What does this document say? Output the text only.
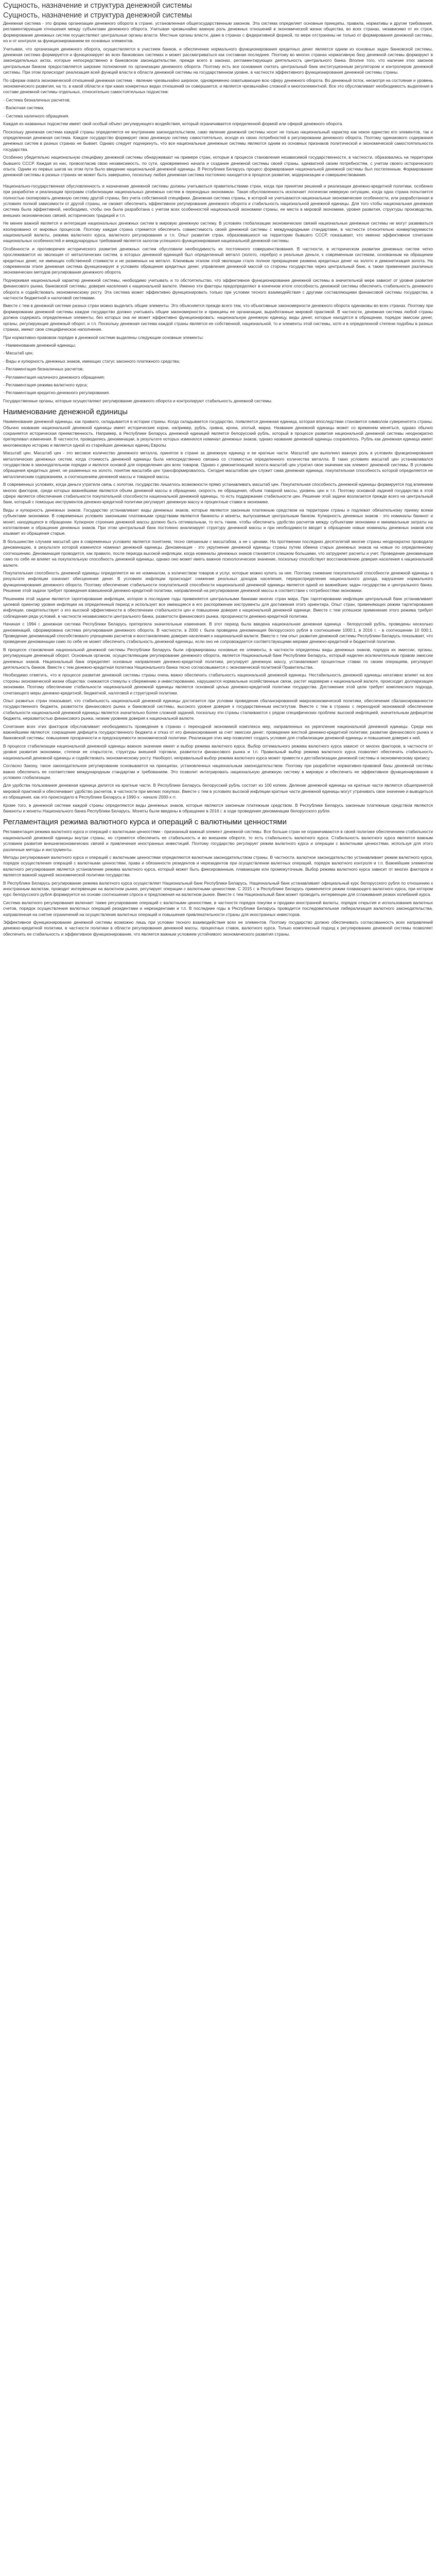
Сущность, назначение и структура денежной системы
Сущность, назначение и структура денежной системы

Денежная система - это форма организации денежного оборота в стране, установленная общегосударственным законом. Эта система определяет основные принципы, правила, нормативы и другие требования, регламентирующие отношения между субъектами денежного оборота. Учитывая чрезвычайно важную роль денежных отношений в экономической жизни общества, во всех странах, независимо от их строя, формирование денежных систем осуществляют центральные органы власти. Местные органы власти, даже в странах с федеративной формой, по мере отстранены не только от формирования денежной системы, но и от контроля за функционированием ее основных элементов.

Учитывая, что организация денежного оборота, осуществляется в участием банков, и обеспечение нормального функционирования кредитных денег является одним из основных задач банковской системы, денежная система формируется и функционирует во всех банковских системах и может рассматриваться как составная последнее. Поэтому во многих странах нормативную базу денежной системы формируют в законодательных актах, которые непосредственно в банковском законодательстве, прежде всего в законах, регламентирующих деятельность центрального банка. Вполне того, что наличие этих законов центральным банком предоставляется широкие полномочия по организации денежного оборота. Поэтому есть все основания считать центральный банк институционным регулятором и контролером денежной системы. При этом происходит реализация всей функций власти в области денежной системы на государственном уровне, в частности эффективного функционирования денежной системы страны.

По сферам охвата экономической отношений денежная система - явление чрезвычайно широкое, одновременно охватывающее всю сферу денежного оборота. Во денежный поток, несмотря на состояние и уровень экономического развития, на то, в какой области и при каких конкретных видах отношений он совершается, и является чрезвычайно сложной и многоэлементной. Все это обусловливает необходимость выделения в составе денежной системы отдельных, относительно самостоятельных подсистем:

- Система безналичных расчетов;

- Валютная система;

- Система наличного обращения.

Каждая из названных подсистем имеет свой особый объект регулирующего воздействия, который ограничивается определенной формой или сферой денежного оборота.

Поскольку денежная система каждой страны определяется ее внутренним законодательством, само явление денежной системы носит не только национальный характер как некое единство его элементов, так и определенная денежная система. Каждое государство формирует свою денежную систему самостоятельно, исходя из своих потребностей в регулировании денежного оборота. Поэтому одинакового содержания денежных систем в разных странах не бывает. Однако следует подчеркнуть, что все национальные денежные системы являются одним из основных признаков политической и экономической самостоятельности государства.

Особенно убедительно национальную специфику денежной системы обнаруживают на примере стран, которые в процессе становления независимой государственности, в частности, образовались на территории бывшего СССР. Каждая из них, провозгласив свою независимость, по сути, одновременно начала и создание денежной системы своей страны, адекватной своим потребностям, с учетом своего исторического опыта. Одним из первых шагов на этом пути было введение национальной денежной единицы. В Республике Беларусь процесс формирования национальной денежной системы был постепенным. Формирование денежной системы в разных странах не может быть завершено, поскольку любая денежная система постоянно находится в процессе развития, модернизации и совершенствования.

Национально-государственная обусловленность и назначение денежной системы должны учитываться правительствами стран, когда при принятии решений и реализации денежно-кредитной политики, особенно при разработке и реализации программ стабилизации национальных денежных систем в переходных экономиках. Такая обусловленность исключает логически неверную ситуацию, когда одна страна попытается полностью скопировать денежную систему другой страны, без учета собственной специфики. Денежная система страны, в которой не учитываются национальные экономические особенности, или разработанная в условиях полной зависимости от другой страны, не сможет обеспечить эффективное регулирование денежного оборота и стабильность национальной денежной единицы. Для того чтобы национальная денежная система была эффективной, необходимо, чтобы она была разработана с учетом всех особенностей национальной экономики страны, ее места в мировой экономике, уровня развития, структуры производства, внешних экономических связей, исторических традиций и т.п.

Не менее важной является и интеграция национальных денежных систем в мировую денежную систему. В условиях глобализации экономических связей национальные денежные системы не могут развиваться изолированно от мировых процессов. Поэтому каждая страна стремится обеспечить совместимость своей денежной системы с международными стандартами, в частности относительно конвертируемости национальной валюты, режима валютного курса, валютного регулирования и т.п. Опыт развития стран, образовавшихся на территории бывшего СССР, показывает, что именно эффективное сочетание национальных особенностей и международных требований является залогом успешного функционирования национальной денежной системы.

Особенности и противоречия исторического развития денежных систем обусловили необходимость их постоянного совершенствования. В частности, в историческом развитии денежных систем четко прослеживается их эволюция от металлических систем, в которых денежной единицей был определенный металл (золото, серебро) и реальные деньги, к современным системам, основанным на обращении кредитных денег, не имеющих собственной стоимости и не разменных на металл. Ключевым этапом этой эволюции стало полное прекращение размена кредитных денег на золото и демонетизация золота. На современном этапе денежная система функционирует в условиях обращения кредитных денег, управления денежной массой со стороны государства через центральный банк, а также применения различных экономических методов регулирования денежного оборота.

Подчеркивая национальный характер денежной системы, необходимо учитывать и то обстоятельство, что эффективное функционирование денежной системы в значительной мере зависит от уровня развития финансового рынка, банковской системы, доверия населения к национальной валюте. Именно эти факторы предопределяют в конечном итоге способность денежной системы обеспечить стабильность денежного оборота и содействовать экономическому росту. Эта система может эффективно функционировать только при условии тесного взаимодействия с другими составляющими финансовой системы государства, в частности бюджетной и налоговой системами.

Вместе с тем в денежной системе разных стран можно выделить общие элементы. Это объясняется прежде всего тем, что объективные закономерности денежного оборота одинаковы во всех странах. Поэтому при формировании денежной системы каждое государство должно учитывать общие закономерности и принципы ее организации, выработанные мировой практикой. В частности, денежная система любой страны должна содержать определенные элементы, без которых она не может эффективно функционировать: национальную денежную единицу, виды денег, которые находятся в обращении, порядок эмиссии денег, органы, регулирующие денежный оборот, и т.п. Поскольку денежная система каждой страны является ее собственной, национальной, то и элементы этой системы, хотя и в определенной степени подобны в разных странах, имеют свое специфическое наполнение.

При нормативно-правовом порядке в денежной системе выделены следующие основные элементы:

- Наименование денежной единицы;

- Масштаб цен;

- Виды и купюрность денежных знаков, имеющих статус законного платежного средства;

- Регламентация безналичных расчетов;

- Регламентация наличного денежного обращения;

- Регламентация режима валютного курса;

- Регламентация кредитно-денежного регулирования.

Государственные органы, которые осуществляют регулирование денежного оборота и контролируют стабильность денежной системы.

Наименование денежной единицы

Наименование денежной единицы, как правило, складывается в истории страны. Когда складывается государство, появляется денежная единица, которая впоследствии становится символом суверенитета страны. Обычно название национальной денежной единицы имеет исторические корни, например, рубль, гривна, крона, злотый, марка. Название денежной единицы может со временем меняться, однако обычно сохраняется историческая преемственность. Например, в Республике Беларусь денежной единицей является белорусский рубль, который в процессе развития национальной денежной системы неоднократно претерпевал изменения. В частности, проводились деноминации, в результате которых изменялся номинал денежных знаков, однако название денежной единицы сохранялось. Рубль как денежная единица имеет многовековую историю и является одной из старейших денежных единиц Европы.

Масштаб цен. Масштаб цен - это весовое количество денежного металла, принятое в стране за денежную единицу и ее кратные части. Масштаб цен выполнял важную роль в условиях функционирования металлических денежных систем, когда стоимость денежной единицы была непосредственно связана со стоимостью определенного количества металла. В таких условиях масштаб цен устанавливался государством в законодательном порядке и являлся основой для определения цен всех товаров. Однако с демонетизацией золота масштаб цен утратил свое значение как элемент денежной системы. В условиях обращения кредитных денег, не разменных на золото, понятие масштаба цен трансформировалось. Сегодня масштабом цен служит сама денежная единица, покупательная способность которой определяется не металлическим содержанием, а соотношением денежной массы и товарной массы.

В современных условиях, когда деньги утратили связь с золотом, государство лишилось возможности прямо устанавливать масштаб цен. Покупательная способность денежной единицы формируется под влиянием многих факторов, среди которых важнейшими являются объем денежной массы в обращении, скорость ее обращения, объем товарной массы, уровень цен и т.п. Поэтому основной задачей государства в этой сфере является обеспечение стабильности покупательной способности национальной денежной единицы, то есть поддержание стабильности цен. Решение этой задачи возлагается прежде всего на центральный банк, который с помощью инструментов денежно-кредитной политики регулирует денежную массу и процентные ставки в экономике.

Виды и купюрность денежных знаков. Государство устанавливает виды денежных знаков, которые являются законным платежным средством на территории страны и подлежат обязательному приему всеми субъектами экономики. В современных условиях законными платежными средствами являются банкноты и монеты, выпускаемые центральным банком. Купюрность денежных знаков - это номиналы банкнот и монет, находящихся в обращении. Купюрное строение денежной массы должно быть оптимальным, то есть таким, чтобы обеспечить удобство расчетов между субъектами экономики и минимальные затраты на изготовление и обращение денежных знаков. При этом центральный банк постоянно анализирует структуру денежной массы и при необходимости вводит в обращение новые номиналы денежных знаков или изымает из обращения старые.

В большинстве случаев масштаб цен в современных условиях является понятием, тесно связанным с масштабом, а не с ценами. На протяжении последних десятилетий многие страны неоднократно проводили деноминацию, в результате которой изменялся номинал денежной единицы. Деноминация - это укрупнение денежной единицы страны путем обмена старых денежных знаков на новые по определенному соотношению. Деноминация проводится, как правило, после периода высокой инфляции, когда номиналы денежных знаков становятся слишком большими, что затрудняет расчеты и учет. Проведение деноминации само по себе не влияет на покупательную способность денежной единицы, однако оно может иметь важное психологическое значение, поскольку способствует восстановлению доверия населения к национальной валюте.

Покупательная способность денежной единицы определяется не ее номиналом, а количеством товаров и услуг, которые можно купить за нее. Поэтому снижение покупательной способности денежной единицы в результате инфляции означает обесценение денег. В условиях инфляции происходит снижение реальных доходов населения, перераспределение национального дохода, нарушение нормального функционирования денежного оборота. Поэтому обеспечение стабильности покупательной способности национальной денежной единицы является одной из важнейших задач государства и центрального банка. Решение этой задачи требует проведения взвешенной денежно-кредитной политики, направленной на регулирование денежной массы в соответствии с потребностями экономики.

Решением этой задачи является таргетирование инфляции, которое в последние годы применяется центральными банками многих стран мира. При таргетировании инфляции центральный банк устанавливает целевой ориентир уровня инфляции на определенный период и использует все имеющиеся в его распоряжении инструменты для достижения этого ориентира. Опыт стран, применяющих режим таргетирования инфляции, свидетельствует о его высокой эффективности в обеспечении стабильности цен и повышении доверия к национальной денежной единице. Вместе с тем успешное применение этого режима требует соблюдения ряда условий, в частности независимости центрального банка, развитости финансового рынка, прозрачности денежно-кредитной политики.

Начиная с 1994 г. денежная система Республики Беларусь претерпела значительные изменения. В этот период была введена национальная денежная единица - белорусский рубль, проведены несколько деноминаций, сформирована система регулирования денежного оборота. В частности, в 2000 г. была проведена деноминация белорусского рубля в соотношении 1000:1, в 2016 г. - в соотношении 10 000:1. Проведение деноминаций способствовало упрощению расчетов и восстановлению доверия населения к национальной валюте. Вместе с тем опыт развития денежной системы Республики Беларусь показывает, что проведение деноминации само по себе не может обеспечить стабильность денежной единицы, если оно не сопровождается соответствующими мерами денежно-кредитной и бюджетной политики.

В процессе становления национальной денежной системы Республики Беларусь были сформированы основные ее элементы, в частности определены виды денежных знаков, порядок их эмиссии, органы, регулирующие денежный оборот. Основным органом, осуществляющим регулирование денежного оборота, является Национальный банк Республики Беларусь, который наделен исключительным правом эмиссии денежных знаков. Национальный банк определяет основные направления денежно-кредитной политики, регулирует денежную массу, устанавливает процентные ставки по своим операциям, регулирует деятельность банков. Вместе с тем денежно-кредитная политика Национального банка тесно согласовывается с экономической политикой Правительства.

Необходимо отметить, что в процессе развития денежной системы страны очень важно обеспечить стабильность национальной денежной единицы. Нестабильность денежной единицы негативно влияет на все стороны экономической жизни общества: снижаются стимулы к сбережению и инвестированию, нарушаются нормальные хозяйственные связи, растет недоверие к национальной валюте, происходит долларизация экономики. Поэтому обеспечение стабильности национальной денежной единицы является основной целью денежно-кредитной политики государства. Достижение этой цели требует комплексного подхода, сочетающего меры денежно-кредитной, бюджетной, налоговой и структурной политики.

Опыт развитых стран показывает, что стабильность национальной денежной единицы достигается при условии проведения сбалансированной макроэкономической политики, обеспечения сбалансированности государственного бюджета, развитости финансового рынка и банковской системы, высокого уровня доверия к государственным институтам. Вместе с тем в странах с переходной экономикой обеспечение стабильности национальной денежной единицы является значительно более сложной задачей, поскольку эти страны сталкиваются с рядом специфических проблем: высокой инфляцией, значительным дефицитом бюджета, неразвитостью финансового рынка, низким уровнем доверия к национальной валюте.

Сочетание всех этих факторов обусловливает необходимость проведения в странах с переходной экономикой комплекса мер, направленных на укрепление национальной денежной единицы. Среди них важнейшими являются: сокращение дефицита государственного бюджета и отказ от его финансирования за счет эмиссии денег; проведение жесткой денежно-кредитной политики; развитие финансового рынка и банковской системы; повышение прозрачности и предсказуемости экономической политики. Реализация этих мер позволяет создать условия для стабилизации денежной единицы и повышения доверия к ней.

В процессе стабилизации национальной денежной единицы важное значение имеет и выбор режима валютного курса. Выбор оптимального режима валютного курса зависит от многих факторов, в частности от уровня развития экономики, степени ее открытости, структуры внешней торговли, развитости финансового рынка и т.п. Правильный выбор режима валютного курса позволяет обеспечить стабильность национальной денежной единицы и содействовать экономическому росту. Наоборот, неправильный выбор режима валютного курса может привести к дестабилизации денежной системы и экономическому кризису.

Согласно Закону, такое законодательное регулирование основывается на принципах, установленных национальным законодательством. Поэтому при разработке нормативно-правовой базы денежной системы важно обеспечить ее соответствие международным стандартам и требованиям. Это позволит интегрировать национальную денежную систему в мировую и обеспечить ее эффективное функционирование в условиях глобализации.

Для удобства пользования денежная единица делится на кратные части. В Республике Беларусь белорусский рубль состоит из 100 копеек. Деление денежной единицы на кратные части является общепринятой мировой практикой и обеспечивает удобство расчетов, в частности при мелких покупках. Вместе с тем в условиях высокой инфляции кратные части денежной единицы могут утрачивать свое значение и выводиться из обращения, как это происходило в Республике Беларусь в 1990-х - начале 2000-х гг.

Кроме того, в денежной системе каждой страны определяются виды денежных знаков, которые являются законным платежным средством. В Республике Беларусь законным платежным средством являются банкноты и монеты Национального банка Республики Беларусь. Монеты были введены в обращение в 2016 г. в ходе проведения деноминации белорусского рубля.

Регламентация режима валютного курса и операций с валютными ценностями

Регламентация режима валютного курса и операций с валютными ценностями - признанный важный элемент денежной системы. Все больше стран не ограничиваются в своей политике обеспечением стабильности национальной денежной единицы внутри страны, но стремятся обеспечить ее стабильность и во внешнем обороте, то есть стабильность валютного курса. Стабильность валютного курса является важным условием развития внешнеэкономических связей и привлечения иностранных инвестиций. Поэтому государство регулирует режим валютного курса и операции с валютными ценностями, используя для этого различные методы и инструменты.

Методы регулирования валютного курса и операций с валютными ценностями определяются валютным законодательством страны. В частности, валютное законодательство устанавливает режим валютного курса, порядок осуществления операций с валютными ценностями, права и обязанности резидентов и нерезидентов при осуществлении валютных операций, порядок валютного контроля и т.п. Важнейшим элементом валютного регулирования является установление режима валютного курса, который может быть фиксированным, плавающим или промежуточным. Выбор режима валютного курса зависит от многих факторов и является важной задачей экономической политики государства.

В Республике Беларусь регулирование режима валютного курса осуществляет Национальный банк Республики Беларусь. Национальный банк устанавливает официальный курс белорусского рубля по отношению к иностранным валютам, проводит интервенции на валютном рынке, регулирует операции с валютными ценностями. С 2015 г. в Республике Беларусь применяется режим плавающего валютного курса, при котором курс белорусского рубля формируется на основе соотношения спроса и предложения на валютном рынке. Вместе с тем Национальный банк может проводить интервенции для сглаживания резких колебаний курса.

Система валютного регулирования включает также регулирование операций с валютными ценностями, в частности порядок покупки и продажи иностранной валюты, порядок открытия и использования валютных счетов, порядок осуществления валютных операций резидентами и нерезидентами и т.п. В последние годы в Республике Беларусь проводится последовательная либерализация валютного законодательства, направленная на снятие ограничений на осуществление валютных операций и повышение привлекательности страны для иностранных инвесторов.

Эффективное функционирование денежной системы возможно лишь при условии тесного взаимодействия всех ее элементов. Поэтому государство должно обеспечивать согласованность всех направлений денежно-кредитной политики, в частности политики в области регулирования денежной массы, процентных ставок, валютного курса. Только комплексный подход к регулированию денежной системы позволяет обеспечить ее стабильность и эффективное функционирование, что является важным условием устойчивого экономического развития страны.
